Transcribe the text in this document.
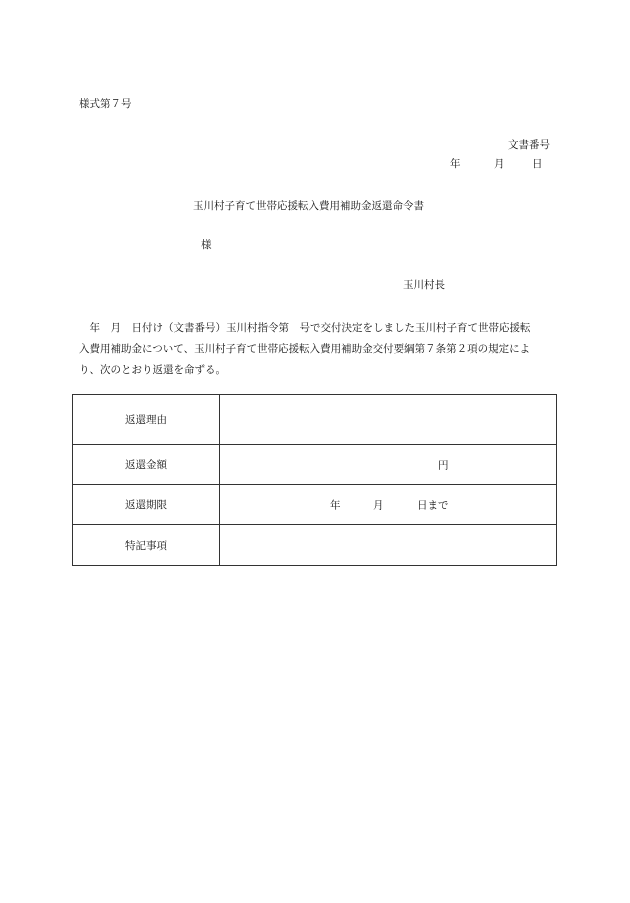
様式第７号
文書番号
年	月	日
玉川村子育て世帯応援転入費用補助金返還命令書
様
玉川村長
　年　月　日付け（文書番号）玉川村指令第　号で交付決定をしました玉川村子育て世帯応援転
入費用補助金について、玉川村子育て世帯応援転入費用補助金交付要綱第７条第２項の規定によ
り、次のとおり返還を命ずる。
返還理由	
返還金額	円

返還期限	年 月 日まで

特記事項	
